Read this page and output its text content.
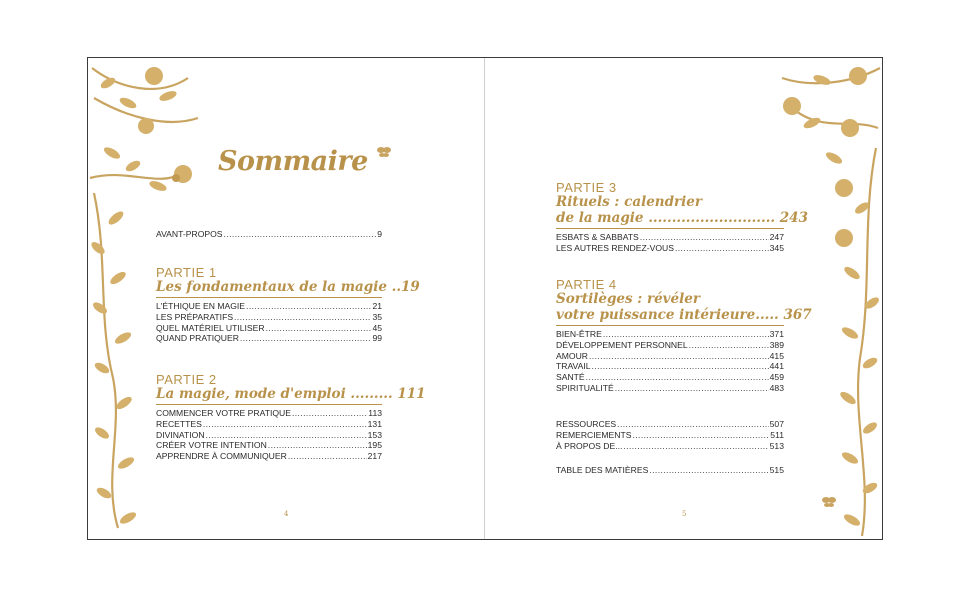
Sommaire
AVANT-PROPOS .....	9
PARTIE 1
Les fondamentaux de la magie ..19
L'ÉTHIQUE EN MAGIE .....	21
LES PRÉPARATIFS .....	35
QUEL MATÉRIEL UTILISER .....	45
QUAND PRATIQUER .....	99
PARTIE 2
La magie, mode d'emploi ......... 111
COMMENCER VOTRE PRATIQUE .....	113
RECETTES .....	131
DIVINATION .....	153
CRÉER VOTRE INTENTION .....	195
APPRENDRE À COMMUNIQUER .....	217
4
PARTIE 3
Rituels : calendrier
de la magie ........................... 243
ESBATS & SABBATS .....	247
LES AUTRES RENDEZ-VOUS .....	345
PARTIE 4
Sortilèges : révéler
votre puissance intérieure..... 367
BIEN-ÊTRE .....	371
DÉVELOPPEMENT PERSONNEL .....	389
AMOUR .....	415
TRAVAIL .....	441
SANTÉ .....	459
SPIRITUALITÉ .....	483
RESSOURCES .....	507
REMERCIEMENTS .....	511
À PROPOS DE... .....	513
TABLE DES MATIÈRES .....	515
5
